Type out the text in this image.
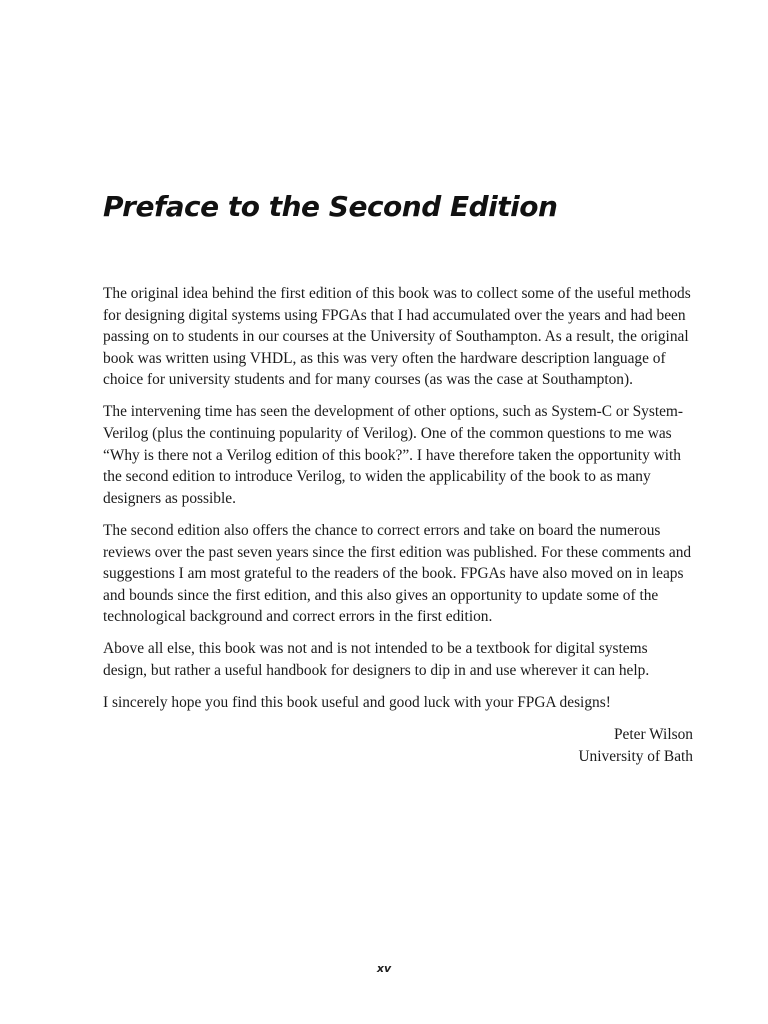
Preface to the Second Edition

The original idea behind the first edition of this book was to collect some of the useful methods for designing digital systems using FPGAs that I had accumulated over the years and had been passing on to students in our courses at the University of Southampton. As a result, the original book was written using VHDL, as this was very often the hardware description language of choice for university students and for many courses (as was the case at Southampton).

The intervening time has seen the development of other options, such as System-C or System-Verilog (plus the continuing popularity of Verilog). One of the common questions to me was “Why is there not a Verilog edition of this book?”. I have therefore taken the opportunity with the second edition to introduce Verilog, to widen the applicability of the book to as many designers as possible.

The second edition also offers the chance to correct errors and take on board the numerous reviews over the past seven years since the first edition was published. For these comments and suggestions I am most grateful to the readers of the book. FPGAs have also moved on in leaps and bounds since the first edition, and this also gives an opportunity to update some of the technological background and correct errors in the first edition.

Above all else, this book was not and is not intended to be a textbook for digital systems design, but rather a useful handbook for designers to dip in and use wherever it can help.

I sincerely hope you find this book useful and good luck with your FPGA designs!

Peter Wilson
University of Bath
xv
